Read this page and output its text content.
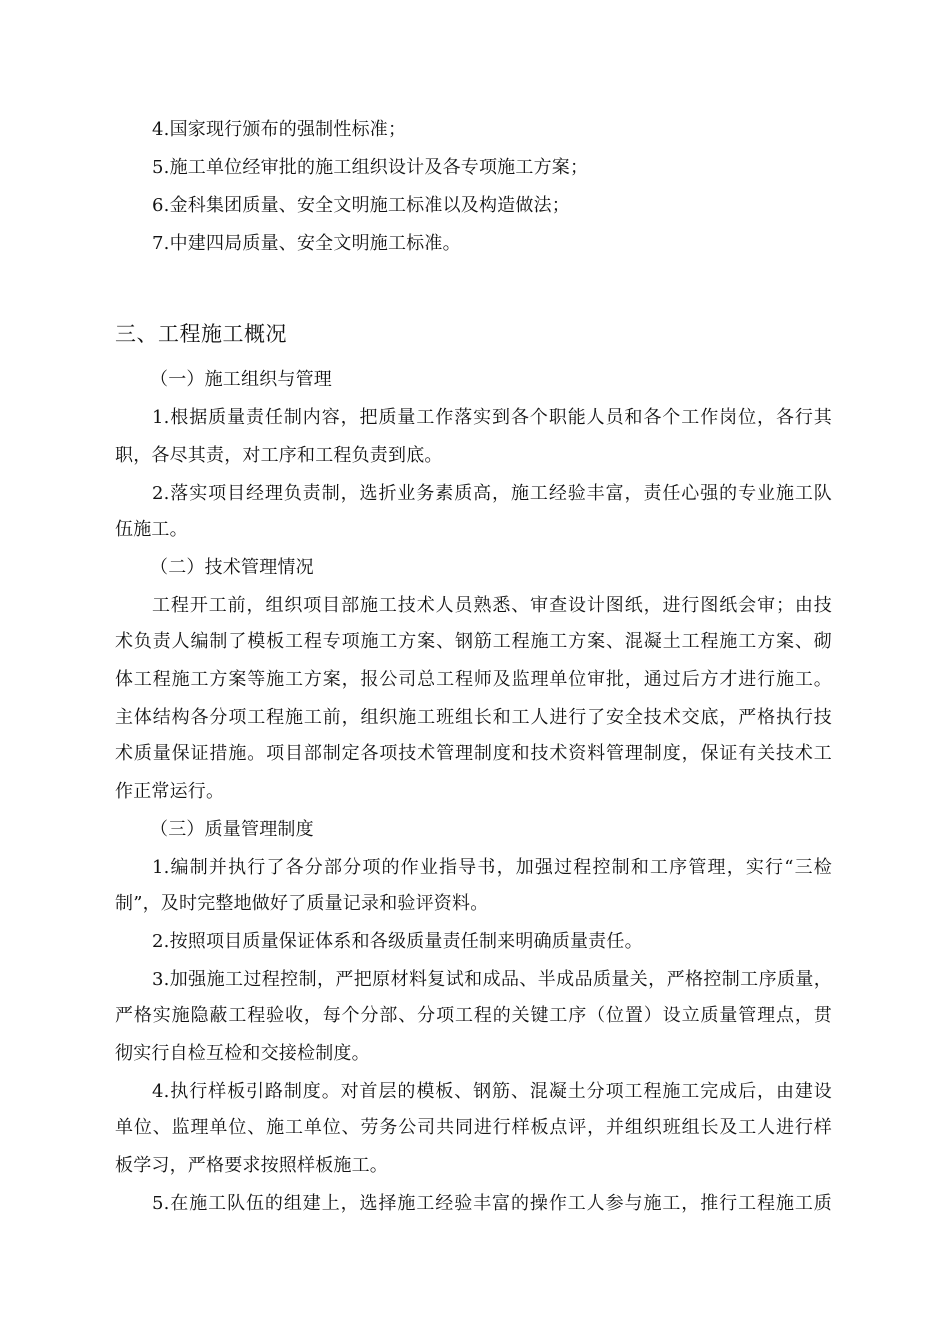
4.国家现行颁布的强制性标准；
5.施工单位经审批的施工组织设计及各专项施工方案；
6.金科集团质量、安全文明施工标准以及构造做法；
7.中建四局质量、安全文明施工标准。
三、工程施工概况
（一）施工组织与管理
1.根据质量责任制内容，把质量工作落实到各个职能人员和各个工作岗位，各行其
职，各尽其责，对工序和工程负责到底。
2.落实项目经理负责制，选折业务素质高，施工经验丰富，责任心强的专业施工队
伍施工。
（二）技术管理情况
工程开工前，组织项目部施工技术人员熟悉、审查设计图纸，进行图纸会审；由技
术负责人编制了模板工程专项施工方案、钢筋工程施工方案、混凝土工程施工方案、砌
体工程施工方案等施工方案，报公司总工程师及监理单位审批，通过后方才进行施工。
主体结构各分项工程施工前，组织施工班组长和工人进行了安全技术交底，严格执行技
术质量保证措施。项目部制定各项技术管理制度和技术资料管理制度，保证有关技术工
作正常运行。
（三）质量管理制度
1.编制并执行了各分部分项的作业指导书，加强过程控制和工序管理，实行“三检
制”，及时完整地做好了质量记录和验评资料。
2.按照项目质量保证体系和各级质量责任制来明确质量责任。
3.加强施工过程控制，严把原材料复试和成品、半成品质量关，严格控制工序质量，
严格实施隐蔽工程验收，每个分部、分项工程的关键工序（位置）设立质量管理点，贯
彻实行自检互检和交接检制度。
4.执行样板引路制度。对首层的模板、钢筋、混凝土分项工程施工完成后，由建设
单位、监理单位、施工单位、劳务公司共同进行样板点评，并组织班组长及工人进行样
板学习，严格要求按照样板施工。
5.在施工队伍的组建上，选择施工经验丰富的操作工人参与施工，推行工程施工质
